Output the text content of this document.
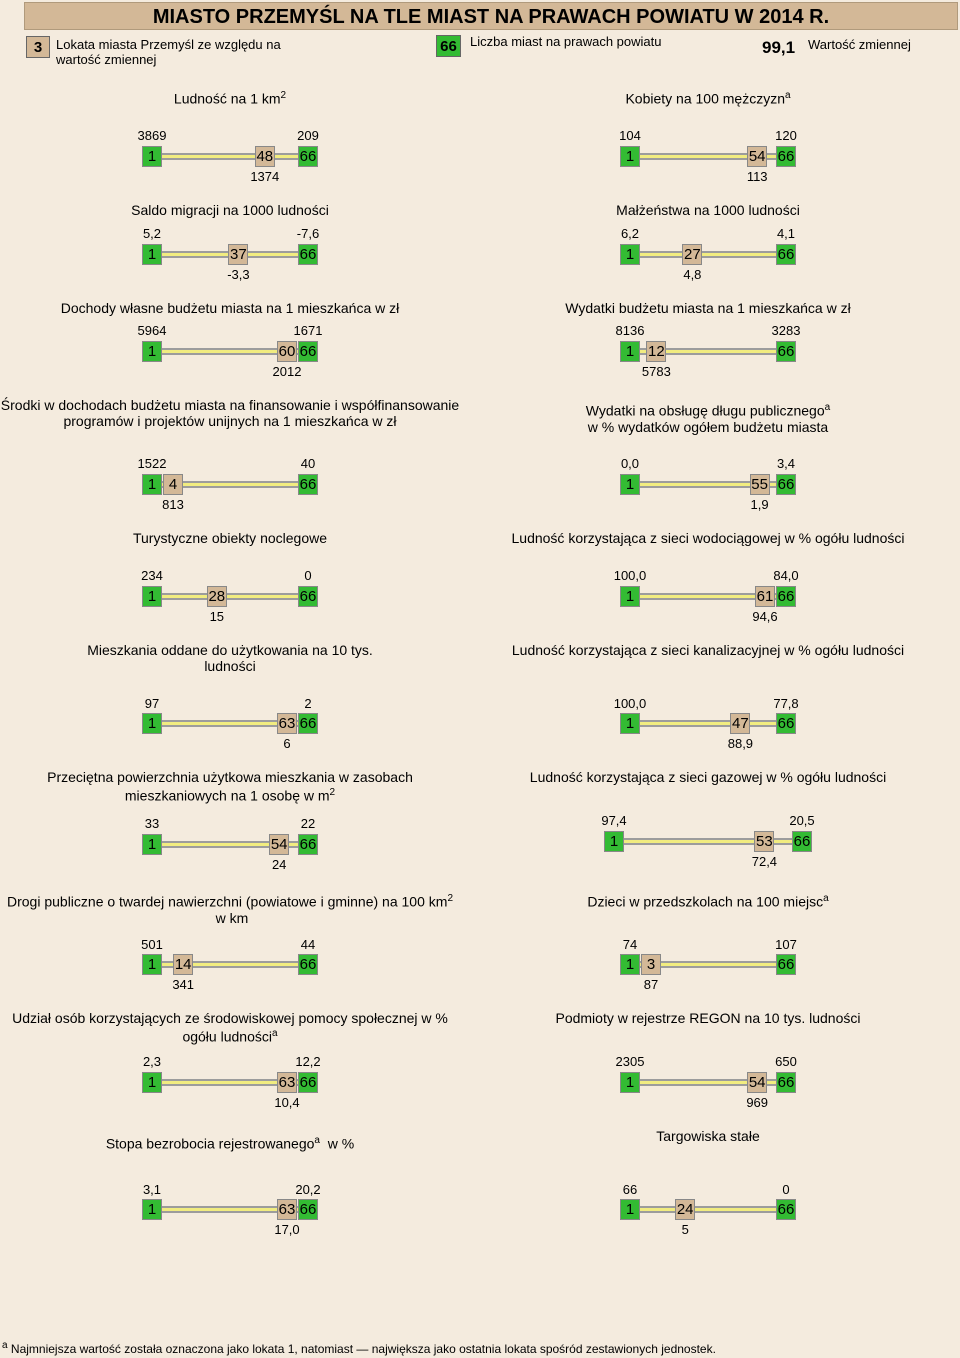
MIASTO PRZEMYŚL NA TLE MIAST NA PRAWACH POWIATU W 2014 R.
3	Lokata miasta Przemyśl ze względu na wartość zmiennej
66	Liczba miast na prawach powiatu	99,1 Wartość zmiennej
Ludność na 1 $km^2$
3869	209
1	66
48
1374
Kobiety na 100 mężczyzn$^a$
104	120
1	66
54
113
Saldo migracji na 1000 ludności
5,2	-7,6
1	66
37
-3,3
Małżeństwa na 1000 ludności
6,2	4,1
1	66
27
4,8
Dochody własne budżetu miasta na 1 mieszkańca w zł
5964	1671
1	66
60
2012
Wydatki budżetu miasta na 1 mieszkańca w zł
8136	3283
1	66
12
5783
Środki w dochodach budżetu miasta na finansowanie i współfinansowanie programów i projektów unijnych na 1 mieszkańca w zł
1522	40
1	66
4
813
Wydatki na obsługę długu publicznego$^a$
w % wydatków ogółem budżetu miasta
0,0	3,4
1	66
55
1,9
Turystyczne obiekty noclegowe
234	0
1	66
28
15
Ludność korzystająca z sieci wodociągowej w % ogółu ludności
100,0	84,0
1	66
61
94,6
Mieszkania oddane do użytkowania na 10 tys. ludności
97	2
1	66
63
6
Ludność korzystająca z sieci kanalizacyjnej w % ogółu ludności
100,0	77,8
1	66
47
88,9
Przeciętna powierzchnia użytkowa mieszkania w zasobach mieszkaniowych na 1 osobę w $m^2$
33	22
1	66
54
24
Ludność korzystająca z sieci gazowej w % ogółu ludności
97,4	20,5
1	66
53
72,4
Drogi publiczne o twardej nawierzchni (powiatowe i gminne) na 100 $km^2$ w km
501	44
1	66
14
341
Dzieci w przedszkolach na 100 miejsc$^a$
74	107
1	66
3
87
Udział osób korzystających ze środowiskowej pomocy społecznej w % ogółu ludności$^a$
2,3	12,2
1	66
63
10,4
Podmioty w rejestrze REGON na 10 tys. ludności
2305	650
1	66
54
969
Stopa bezrobocia rejestrowanego$^a$  w %
3,1	20,2
1	66
63
17,0
Targowiska stałe
66	0
1	66
24
5
$^a$ Najmniejsza wartość została oznaczona jako lokata 1, natomiast — największa jako ostatnia lokata spośród zestawionych jednostek.
